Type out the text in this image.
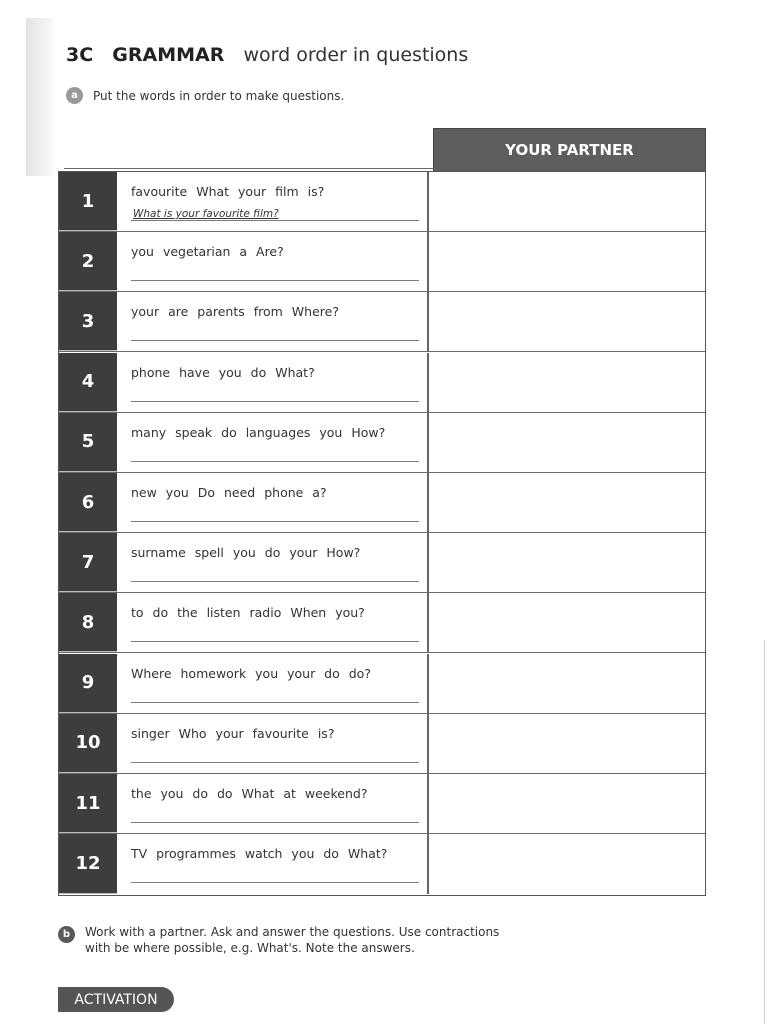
3C GRAMMAR word order in questions
a	Put the words in order to make questions.
YOUR PARTNER
1	favourite What your film is?
What is your favourite film?
2	you vegetarian a Are?
3	your are parents from Where?
4	phone have you do What?
5	many speak do languages you How?
6	new you Do need phone a?
7	surname spell you do your How?
8	to do the listen radio When you?
9	Where homework you your do do?
10	singer Who your favourite is?
11	the you do do What at weekend?
12	TV programmes watch you do What?
b	Work with a partner. Ask and answer the questions. Use contractions with be where possible, e.g. What's. Note the answers.
ACTIVATION
